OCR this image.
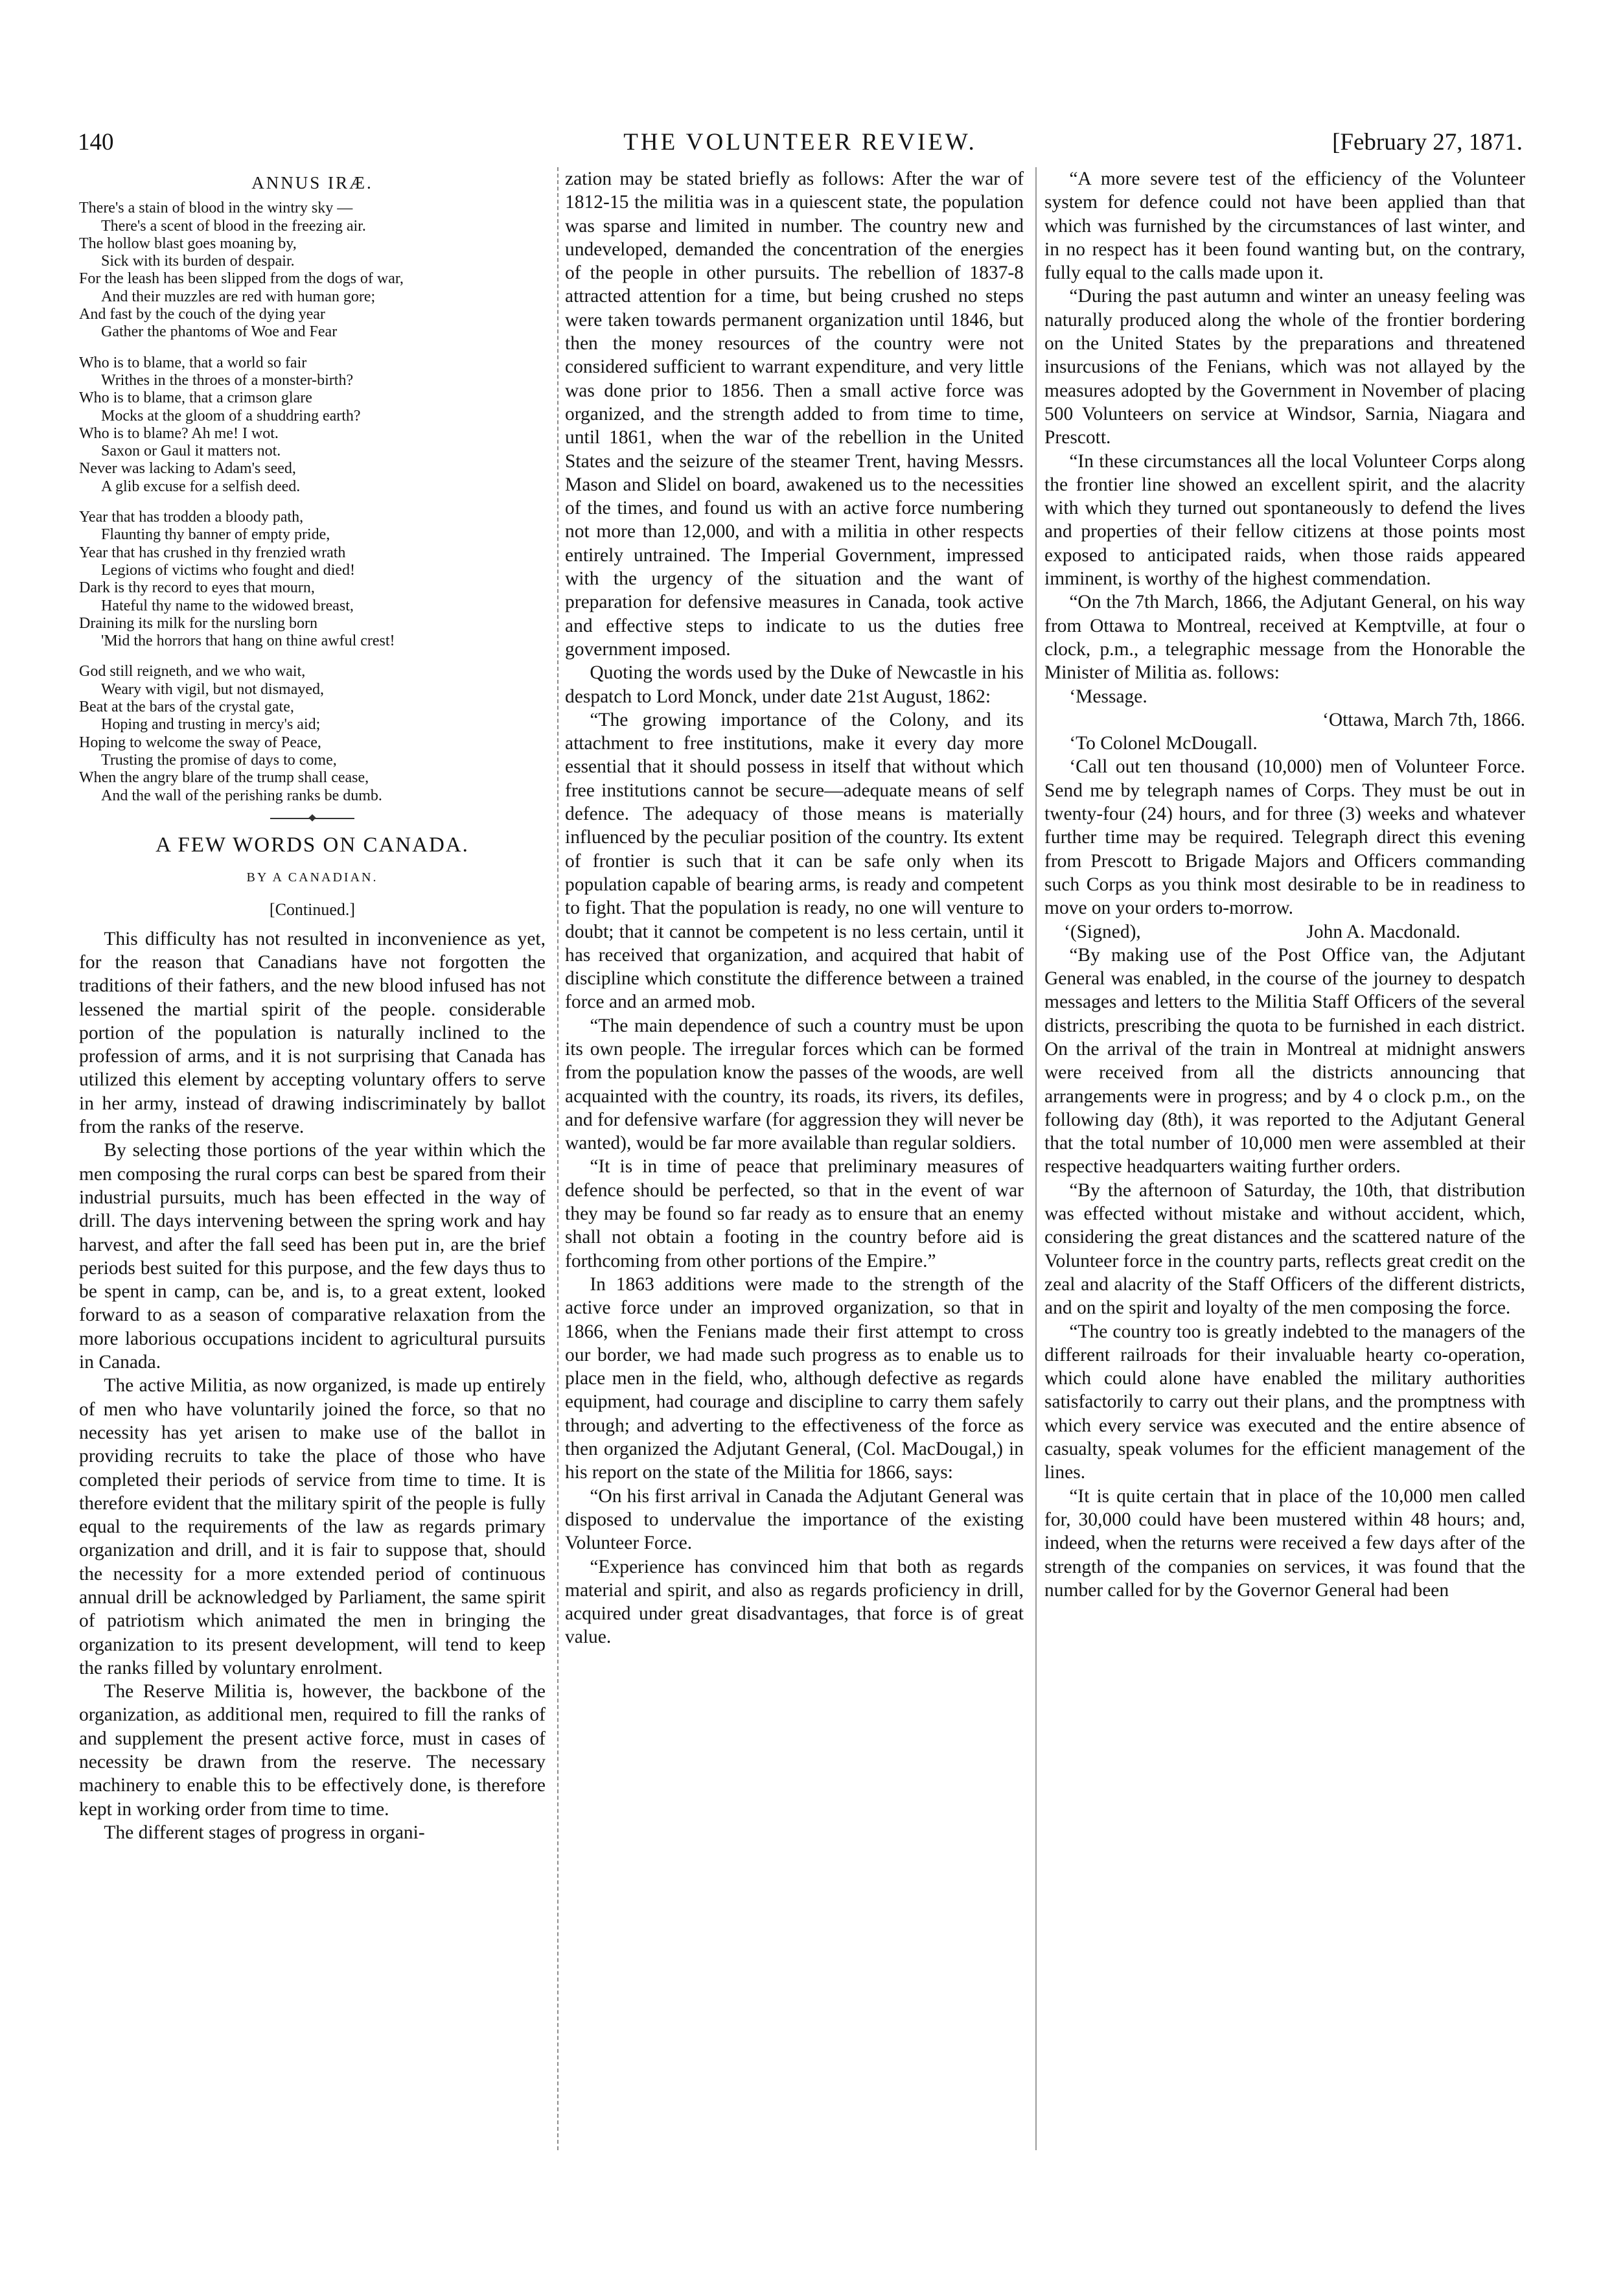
140	THE VOLUNTEER REVIEW.	[February 27, 1871.
ANNUS IRÆ.
There's a stain of blood in the wintry sky —
There's a scent of blood in the freezing air.
The hollow blast goes moaning by,
Sick with its burden of despair.
For the leash has been slipped from the dogs of war,
And their muzzles are red with human gore;
And fast by the couch of the dying year
Gather the phantoms of Woe and Fear
Who is to blame, that a world so fair
Writhes in the throes of a monster-birth?
Who is to blame, that a crimson glare
Mocks at the gloom of a shuddring earth?
Who is to blame? Ah me! I wot.
Saxon or Gaul it matters not.
Never was lacking to Adam's seed,
A glib excuse for a selfish deed.
Year that has trodden a bloody path,
Flaunting thy banner of empty pride,
Year that has crushed in thy frenzied wrath
Legions of victims who fought and died!
Dark is thy record to eyes that mourn,
Hateful thy name to the widowed breast,
Draining its milk for the nursling born
'Mid the horrors that hang on thine awful crest!
God still reigneth, and we who wait,
Weary with vigil, but not dismayed,
Beat at the bars of the crystal gate,
Hoping and trusting in mercy's aid;
Hoping to welcome the sway of Peace,
Trusting the promise of days to come,
When the angry blare of the trump shall cease,
And the wall of the perishing ranks be dumb.
A FEW WORDS ON CANADA.
BY A CANADIAN.
[Continued.]

This difficulty has not resulted in inconvenience as yet, for the reason that Canadians have not forgotten the traditions of their fathers, and the new blood infused has not lessened the martial spirit of the people. considerable portion of the population is naturally inclined to the profession of arms, and it is not surprising that Canada has utilized this element by accepting voluntary offers to serve in her army, instead of drawing indiscriminately by ballot from the ranks of the reserve.

By selecting those portions of the year within which the men composing the rural corps can best be spared from their industrial pursuits, much has been effected in the way of drill. The days intervening between the spring work and hay harvest, and after the fall seed has been put in, are the brief periods best suited for this purpose, and the few days thus to be spent in camp, can be, and is, to a great extent, looked forward to as a season of comparative relaxation from the more laborious occupations incident to agricultural pursuits in Canada.

The active Militia, as now organized, is made up entirely of men who have voluntarily joined the force, so that no necessity has yet arisen to make use of the ballot in providing recruits to take the place of those who have completed their periods of service from time to time. It is therefore evident that the military spirit of the people is fully equal to the requirements of the law as regards primary organization and drill, and it is fair to suppose that, should the necessity for a more extended period of continuous annual drill be acknowledged by Parliament, the same spirit of patriotism which animated the men in bringing the organization to its present development, will tend to keep the ranks filled by voluntary enrolment.

The Reserve Militia is, however, the backbone of the organization, as additional men, required to fill the ranks of and supplement the present active force, must in cases of necessity be drawn from the reserve. The necessary machinery to enable this to be effectively done, is therefore kept in working order from time to time.

The different stages of progress in organi-

zation may be stated briefly as follows: After the war of 1812-15 the militia was in a quiescent state, the population was sparse and limited in number. The country new and undeveloped, demanded the concentration of the energies of the people in other pursuits. The rebellion of 1837-8 attracted attention for a time, but being crushed no steps were taken towards permanent organization until 1846, but then the money resources of the country were not considered sufficient to warrant expenditure, and very little was done prior to 1856. Then a small active force was organized, and the strength added to from time to time, until 1861, when the war of the rebellion in the United States and the seizure of the steamer Trent, having Messrs. Mason and Slidel on board, awakened us to the necessities of the times, and found us with an active force numbering not more than 12,000, and with a militia in other respects entirely untrained. The Imperial Government, impressed with the urgency of the situation and the want of preparation for defensive measures in Canada, took active and effective steps to indicate to us the duties free government imposed.

Quoting the words used by the Duke of Newcastle in his despatch to Lord Monck, under date 21st August, 1862:

“The growing importance of the Colony, and its attachment to free institutions, make it every day more essential that it should possess in itself that without which free institutions cannot be secure—adequate means of self defence. The adequacy of those means is materially influenced by the peculiar position of the country. Its extent of frontier is such that it can be safe only when its population capable of bearing arms, is ready and competent to fight. That the population is ready, no one will venture to doubt; that it cannot be competent is no less certain, until it has received that organization, and acquired that habit of discipline which constitute the difference between a trained force and an armed mob.

“The main dependence of such a country must be upon its own people. The irregular forces which can be formed from the population know the passes of the woods, are well acquainted with the country, its roads, its rivers, its defiles, and for defensive warfare (for aggression they will never be wanted), would be far more available than regular soldiers.

“It is in time of peace that preliminary measures of defence should be perfected, so that in the event of war they may be found so far ready as to ensure that an enemy shall not obtain a footing in the country before aid is forthcoming from other portions of the Empire.”

In 1863 additions were made to the strength of the active force under an improved organization, so that in 1866, when the Fenians made their first attempt to cross our border, we had made such progress as to enable us to place men in the field, who, although defective as regards equipment, had courage and discipline to carry them safely through; and adverting to the effectiveness of the force as then organized the Adjutant General, (Col. MacDougal,) in his report on the state of the Militia for 1866, says:

“On his first arrival in Canada the Adjutant General was disposed to undervalue the importance of the existing Volunteer Force.

“Experience has convinced him that both as regards material and spirit, and also as regards proficiency in drill, acquired under great disadvantages, that force is of great value.

“A more severe test of the efficiency of the Volunteer system for defence could not have been applied than that which was furnished by the circumstances of last winter, and in no respect has it been found wanting but, on the contrary, fully equal to the calls made upon it.

“During the past autumn and winter an uneasy feeling was naturally produced along the whole of the frontier bordering on the United States by the preparations and threatened insurcusions of the Fenians, which was not allayed by the measures adopted by the Government in November of placing 500 Volunteers on service at Windsor, Sarnia, Niagara and Prescott.

“In these circumstances all the local Volunteer Corps along the frontier line showed an excellent spirit, and the alacrity with which they turned out spontaneously to defend the lives and properties of their fellow citizens at those points most exposed to anticipated raids, when those raids appeared imminent, is worthy of the highest commendation.

“On the 7th March, 1866, the Adjutant General, on his way from Ottawa to Montreal, received at Kemptville, at four o clock, p.m., a telegraphic message from the Honorable the Minister of Militia as. follows:

‘Message.

‘Ottawa, March 7th, 1866.

‘To Colonel McDougall.

‘Call out ten thousand (10,000) men of Volunteer Force. Send me by telegraph names of Corps. They must be out in twenty-four (24) hours, and for three (3) weeks and whatever further time may be required. Telegraph direct this evening from Prescott to Brigade Majors and Officers commanding such Corps as you think most desirable to be in readiness to move on your orders to-morrow.

‘(Signed),	John A. Macdonald.

“By making use of the Post Office van, the Adjutant General was enabled, in the course of the journey to despatch messages and letters to the Militia Staff Officers of the several districts, prescribing the quota to be furnished in each district. On the arrival of the train in Montreal at midnight answers were received from all the districts announcing that arrangements were in progress; and by 4 o clock p.m., on the following day (8th), it was reported to the Adjutant General that the total number of 10,000 men were assembled at their respective headquarters waiting further orders.

“By the afternoon of Saturday, the 10th, that distribution was effected without mistake and without accident, which, considering the great distances and the scattered nature of the Volunteer force in the country parts, reflects great credit on the zeal and alacrity of the Staff Officers of the different districts, and on the spirit and loyalty of the men composing the force.

“The country too is greatly indebted to the managers of the different railroads for their invaluable hearty co-operation, which could alone have enabled the military authorities satisfactorily to carry out their plans, and the promptness with which every service was executed and the entire absence of casualty, speak volumes for the efficient management of the lines.

“It is quite certain that in place of the 10,000 men called for, 30,000 could have been mustered within 48 hours; and, indeed, when the returns were received a few days after of the strength of the companies on services, it was found that the number called for by the Governor General had been
